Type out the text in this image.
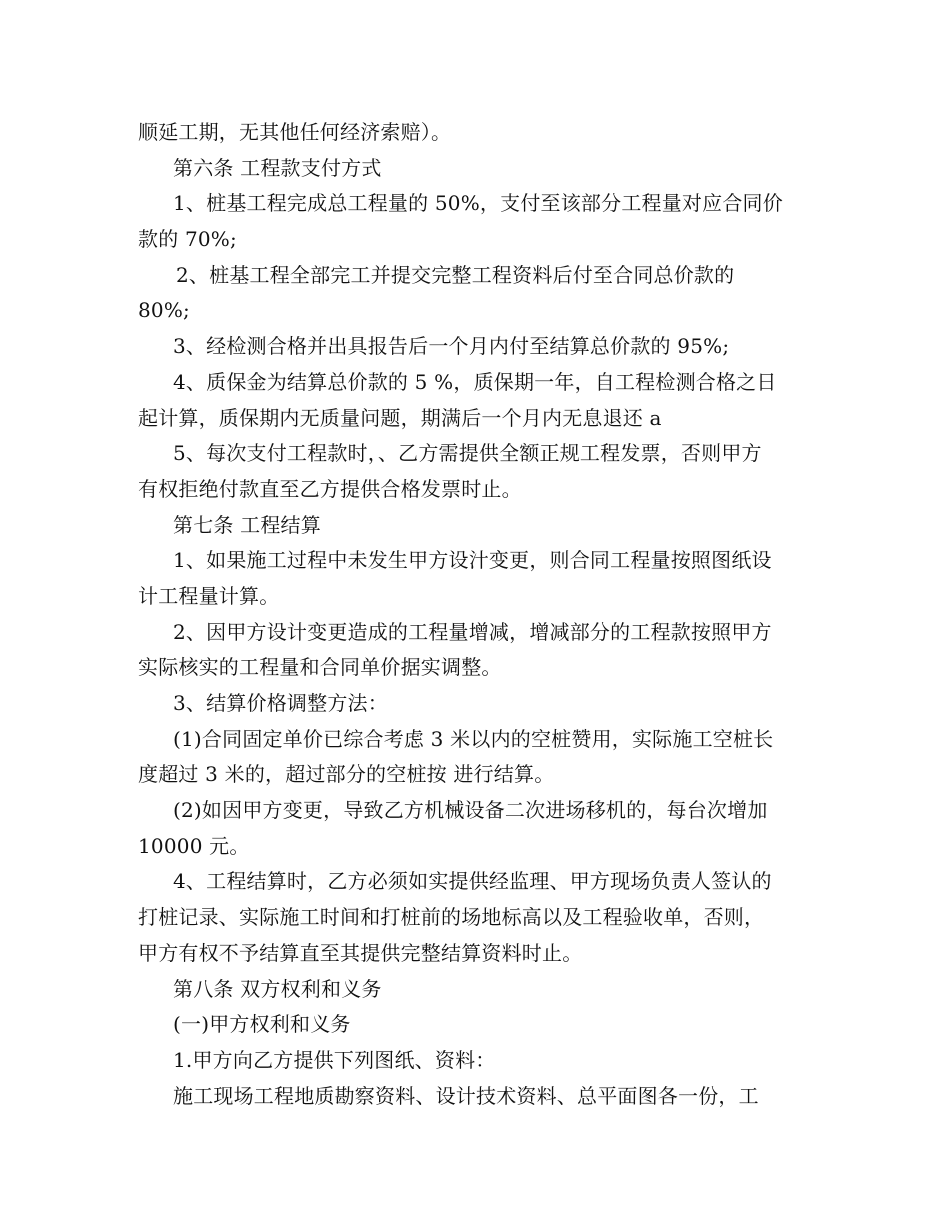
顺延工期，无其他任何经济索赔）。
第六条 工程款支付方式
1、桩基工程完成总工程量的 50%，支付至该部分工程量对应合同价
款的 70%;
2、桩基工程全部完工并提交完整工程资料后付至合同总价款的
80%;
3、经检测合格并出具报告后一个月内付至结算总价款的 95%;
4、质保金为结算总价款的 5 %，质保期一年，自工程检测合格之日
起计算，质保期内无质量问题，期满后一个月内无息退还 a
5、每次支付工程款时，、乙方需提供全额正规工程发票，否则甲方
有权拒绝付款直至乙方提供合格发票时止。
第七条 工程结算
1、如果施工过程中未发生甲方设汁变更，则合同工程量按照图纸设
计工程量计算。
2、因甲方设计变更造成的工程量增减，增减部分的工程款按照甲方
实际核实的工程量和合同单价据实调整。
3、结算价格调整方法：
(1)合同固定单价已综合考虑 3 米以内的空桩赞用，实际施工空桩长
度超过 3 米的，超过部分的空桩按 进行结算。
(2)如因甲方变更，导致乙方机械设备二次进场移机的，每台次增加
10000 元。
4、工程结算时，乙方必须如实提供经监理、甲方现场负责人签认的
打桩记录、实际施工时间和打桩前的场地标高以及工程验收单，否则，
甲方有权不予结算直至其提供完整结算资料时止。
第八条 双方权利和义务
(一)甲方权利和义务
1.甲方向乙方提供下列图纸、资料：
施工现场工程地质勘察资料、设计技术资料、总平面图各一份，工
